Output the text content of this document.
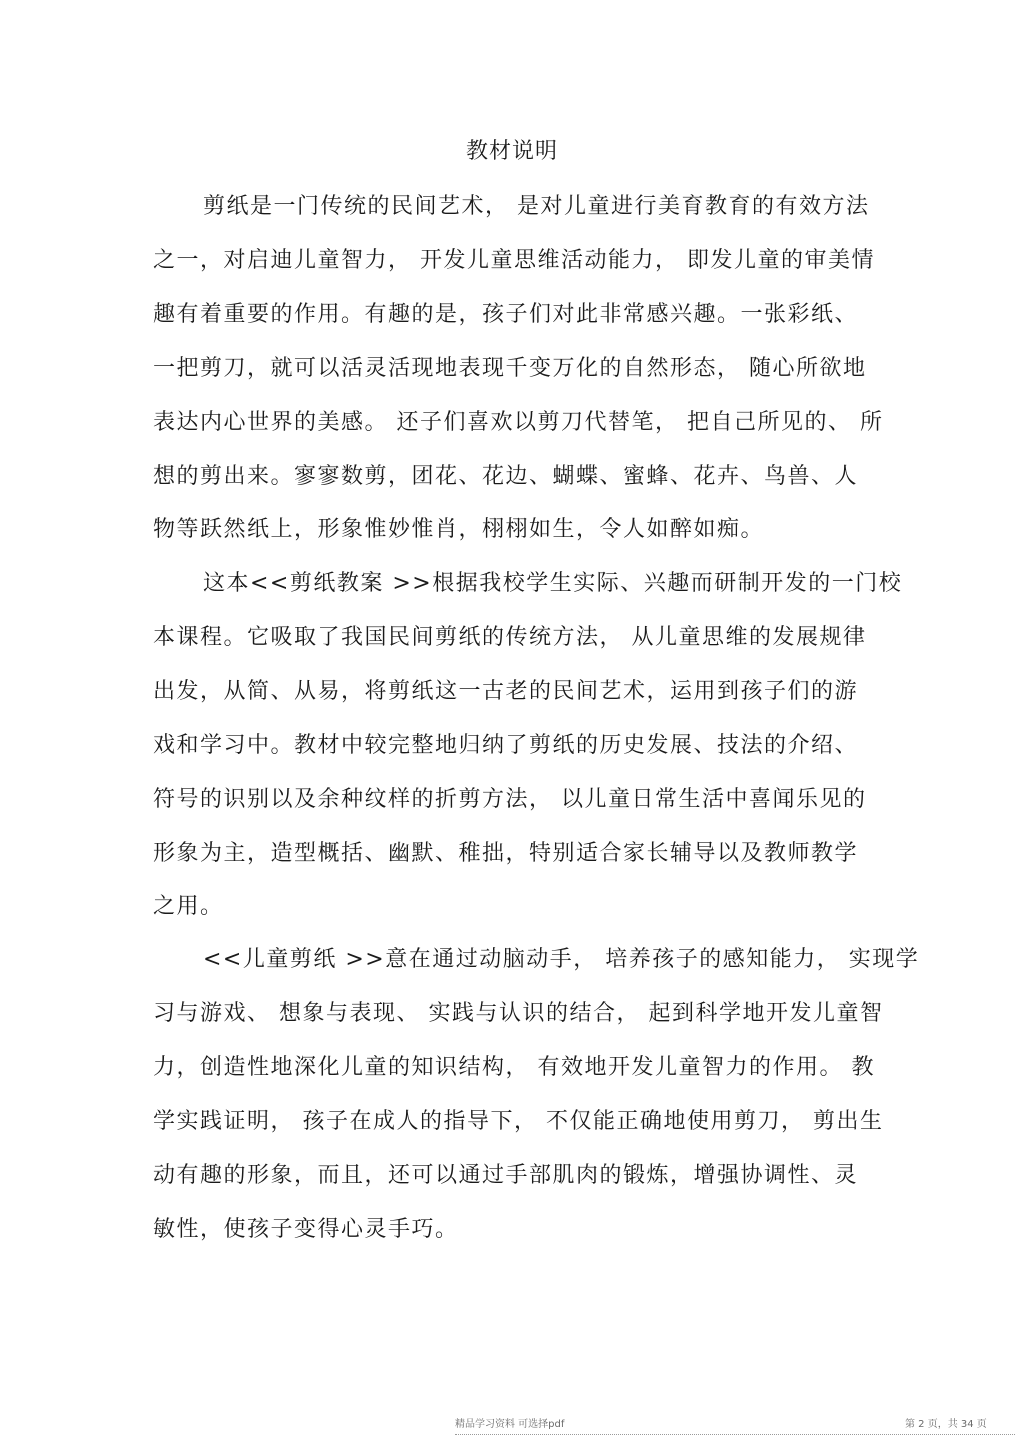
教材说明
剪纸是一门传统的民间艺术， 是对儿童进行美育教育的有效方法
之一，对启迪儿童智力， 开发儿童思维活动能力， 即发儿童的审美情
趣有着重要的作用。有趣的是，孩子们对此非常感兴趣。一张彩纸、
一把剪刀，就可以活灵活现地表现千变万化的自然形态， 随心所欲地
表达内心世界的美感。 还子们喜欢以剪刀代替笔， 把自己所见的、 所
想的剪出来。寥寥数剪，团花、花边、蝴蝶、蜜蜂、花卉、鸟兽、人
物等跃然纸上，形象惟妙惟肖，栩栩如生，令人如醉如痴。
这本<<剪纸教案 >>根据我校学生实际、兴趣而研制开发的一门校
本课程。它吸取了我国民间剪纸的传统方法， 从儿童思维的发展规律
出发，从简、从易，将剪纸这一古老的民间艺术，运用到孩子们的游
戏和学习中。教材中较完整地归纳了剪纸的历史发展、技法的介绍、
符号的识别以及余种纹样的折剪方法， 以儿童日常生活中喜闻乐见的
形象为主，造型概括、幽默、稚拙，特别适合家长辅导以及教师教学
之用。
<<儿童剪纸 >>意在通过动脑动手， 培养孩子的感知能力， 实现学
习与游戏、 想象与表现、 实践与认识的结合， 起到科学地开发儿童智
力，创造性地深化儿童的知识结构， 有效地开发儿童智力的作用。 教
学实践证明， 孩子在成人的指导下， 不仅能正确地使用剪刀， 剪出生
动有趣的形象，而且，还可以通过手部肌肉的锻炼，增强协调性、灵
敏性，使孩子变得心灵手巧。
精品学习资料 可选择pdf	第 2 页，共 34 页
